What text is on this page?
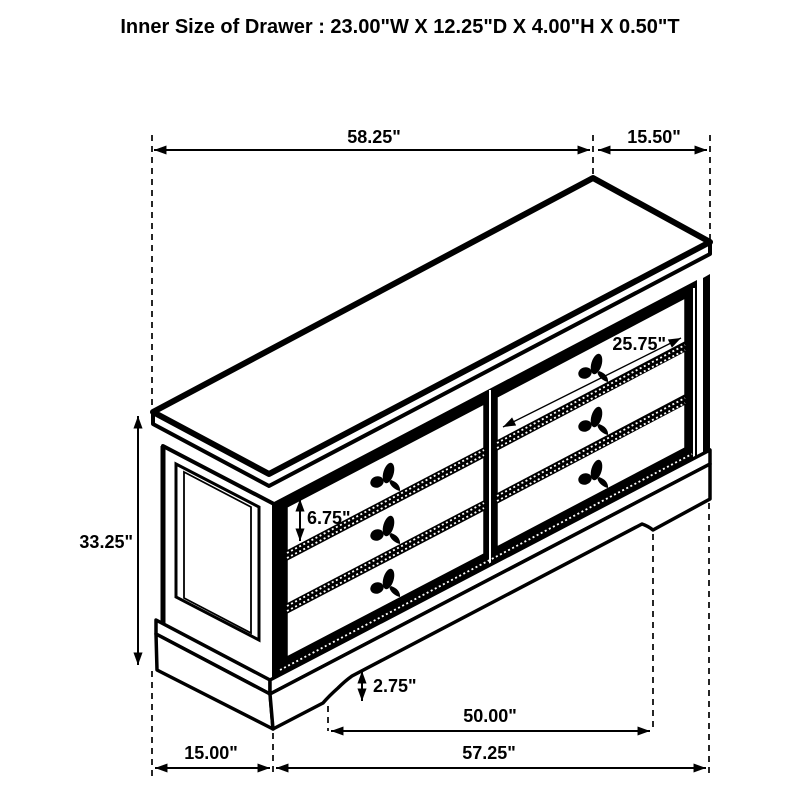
Inner Size of Drawer : 23.00"W X 12.25"D X 4.00"H X 0.50"T
58.25"	15.50"
33.25"
6.75"
25.75"
2.75"
50.00"
15.00"	57.25"
